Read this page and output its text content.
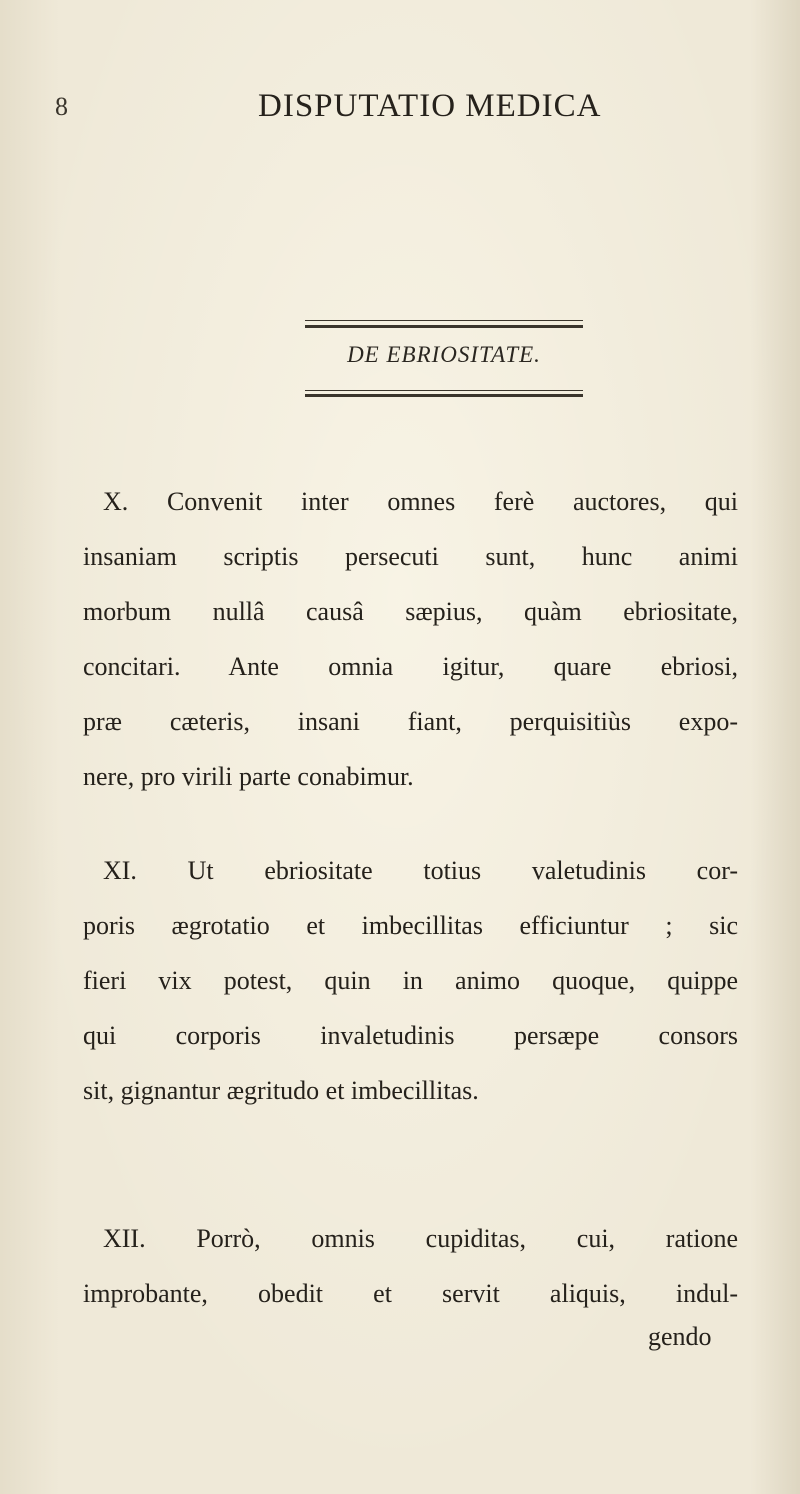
8	DISPUTATIO MEDICA
DE EBRIOSITATE.
X. Convenit inter omnes ferè auctores, qui
insaniam scriptis persecuti sunt, hunc animi
morbum nullâ causâ sæpius, quàm ebriositate,
concitari. Ante omnia igitur, quare ebriosi,
præ cæteris, insani fiant, perquisitiùs expo-
nere, pro virili parte conabimur.
XI. Ut ebriositate totius valetudinis cor-
poris ægrotatio et imbecillitas efficiuntur ; sic
fieri vix potest, quin in animo quoque, quippe
qui corporis invaletudinis persæpe consors
sit, gignantur ægritudo et imbecillitas.
XII. Porrò, omnis cupiditas, cui, ratione
improbante, obedit et servit aliquis, indul-
gendo
